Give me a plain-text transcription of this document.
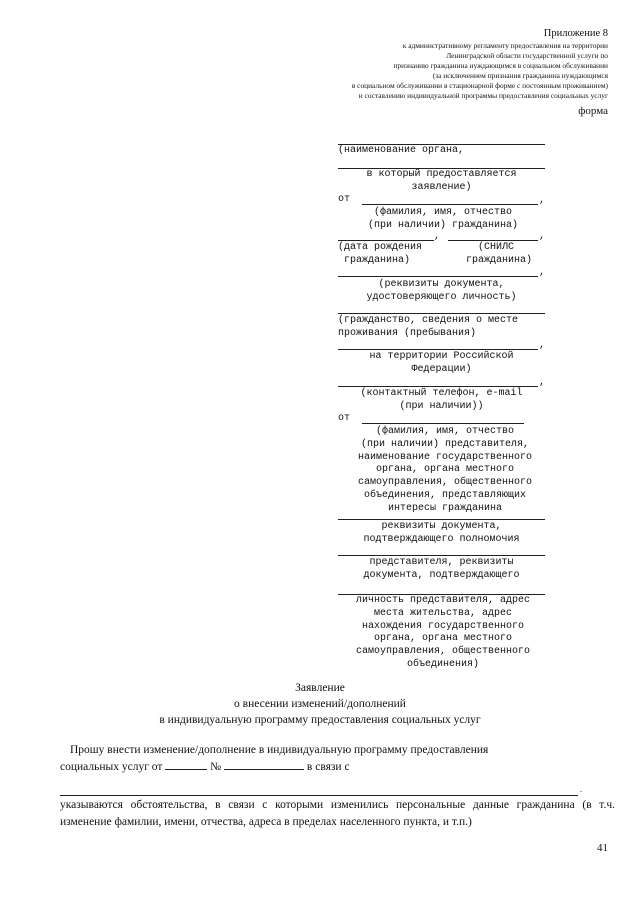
Приложение 8
к административному регламенту предоставления на территории
Ленинградской области государственной услуги по
признанию гражданина нуждающимся в социальном обслуживании
(за исключением признания гражданина нуждающимся
в социальном обслуживании в стационарной форме с постоянным проживанием)
и составлению индивидуальной программы предоставления социальных услуг
форма
(наименование органа,
в который предоставляется
заявление)
от	,
(фамилия, имя, отчество
(при наличии) гражданина)
,	,
(дата рождения
гражданина)
(СНИЛС
гражданина)
,
(реквизиты документа,
удостоверяющего личность)
(гражданство, сведения о месте
проживания (пребывания)
,
на территории Российской
Федерации)
,
(контактный телефон, e-mail
(при наличии))
от
(фамилия, имя, отчество
(при наличии) представителя,
наименование государственного
органа, органа местного
самоуправления, общественного
объединения, представляющих
интересы гражданина
реквизиты документа,
подтверждающего полномочия
представителя, реквизиты
документа, подтверждающего
личность представителя, адрес
места жительства, адрес
нахождения государственного
органа, органа местного
самоуправления, общественного
объединения)
Заявление
о внесении изменений/дополнений
в индивидуальную программу предоставления социальных услуг
Прошу внести изменение/дополнение в индивидуальную программу предоставления
социальных услуг от	№	в связи с
.
указываются обстоятельства, в связи с которыми изменились персональные данные гражданина (в т.ч. изменение фамилии, имени, отчества, адреса в пределах населенного пункта, и т.п.)
41
